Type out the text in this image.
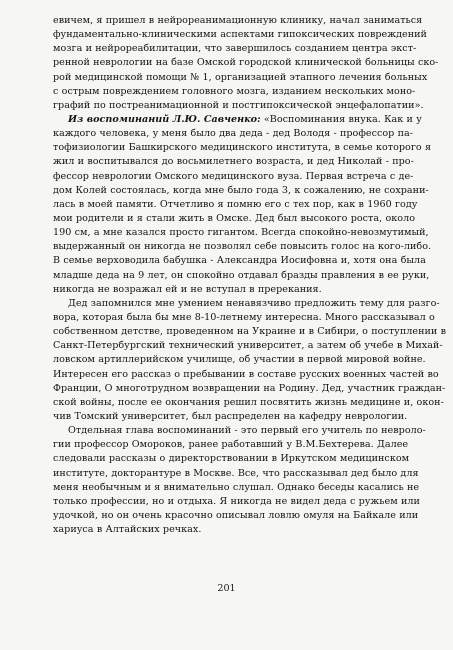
евичем, я пришел в нейрореанимационную клинику, начал заниматься
фундаментально-клиническими аспектами гипоксических повреждений
мозга и нейрореабилитации, что завершилось созданием центра экст-
ренной неврологии на базе Омской городской клинической больницы ско-
рой медицинской помощи № 1, организацией этапного лечения больных
с острым повреждением головного мозга, изданием нескольких моно-
графий по постреанимационной и постгипоксической энцефалопатии».
Из воспоминаний Л.Ю. Савченко: «Воспоминания внука. Как и у
каждого человека, у меня было два деда - дед Володя - профессор па-
тофизиологии Башкирского медицинского института, в семье которого я
жил и воспитывался до восьмилетнего возраста, и дед Николай - про-
фессор неврологии Омского медицинского вуза. Первая встреча с де-
дом Колей состоялась, когда мне было года 3, к сожалению, не сохрани-
лась в моей памяти. Отчетливо я помню его с тех пор, как в 1960 году
мои родители и я стали жить в Омске. Дед был высокого роста, около
190 см, а мне казался просто гигантом. Всегда спокойно-невозмутимый,
выдержанный он никогда не позволял себе повысить голос на кого-либо.
В семье верховодила бабушка - Александра Иосифовна и, хотя она была
младше деда на 9 лет, он спокойно отдавал бразды правления в ее руки,
никогда не возражал ей и не вступал в пререкания.
Дед запомнился мне умением ненавязчиво предложить тему для разго-
вора, которая была бы мне 8-10-летнему интересна. Много рассказывал о
собственном детстве, проведенном на Украине и в Сибири, о поступлении в
Санкт-Петербургский технический университет, а затем об учебе в Михай-
ловском артиллерийском училище, об участии в первой мировой войне.
Интересен его рассказ о пребывании в составе русских военных частей во
Франции, О многотрудном возвращении на Родину. Дед, участник граждан-
ской войны, после ее окончания решил посвятить жизнь медицине и, окон-
чив Томский университет, был распределен на кафедру неврологии.
Отдельная глава воспоминаний - это первый его учитель по невроло-
гии профессор Омороков, ранее работавший у В.М.Бехтерева. Далее
следовали рассказы о директорствовании в Иркутском медицинском
институте, докторантуре в Москве. Все, что рассказывал дед было для
меня необычным и я внимательно слушал. Однако беседы касались не
только профессии, но и отдыха. Я никогда не видел деда с ружьем или
удочкой, но он очень красочно описывал ловлю омуля на Байкале или
хариуса в Алтайских речках.
201
